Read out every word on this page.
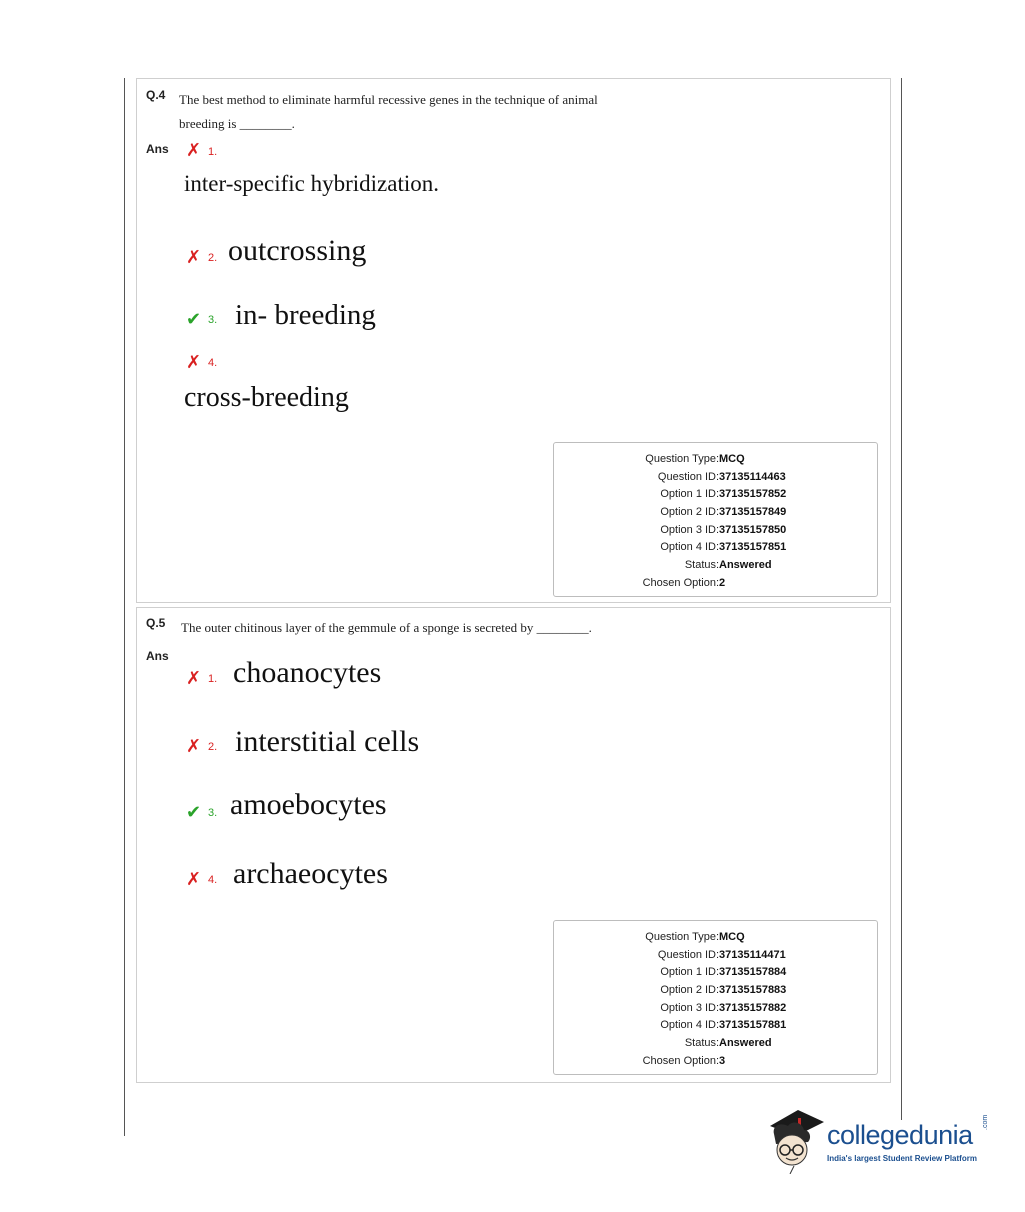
Q.4 The best method to eliminate harmful recessive genes in the technique of animal
breeding is ________.
Ans ✗ 1.
inter-specific hybridization.
✗ 2. outcrossing
✔ 3. in- breeding
✗ 4.
cross-breeding
Question Type : MCQ
Question ID : 37135114463
Option 1 ID : 37135157852
Option 2 ID : 37135157849
Option 3 ID : 37135157850
Option 4 ID : 37135157851
Status : Answered
Chosen Option : 2
Q.5 The outer chitinous layer of the gemmule of a sponge is secreted by ________.
Ans
✗ 1. choanocytes
✗ 2. interstitial cells
✔ 3. amoebocytes
✗ 4. archaeocytes
Question Type : MCQ
Question ID : 37135114471
Option 1 ID : 37135157884
Option 2 ID : 37135157883
Option 3 ID : 37135157882
Option 4 ID : 37135157881
Status : Answered
Chosen Option : 3
collegedunia .com
India's largest Student Review Platform
